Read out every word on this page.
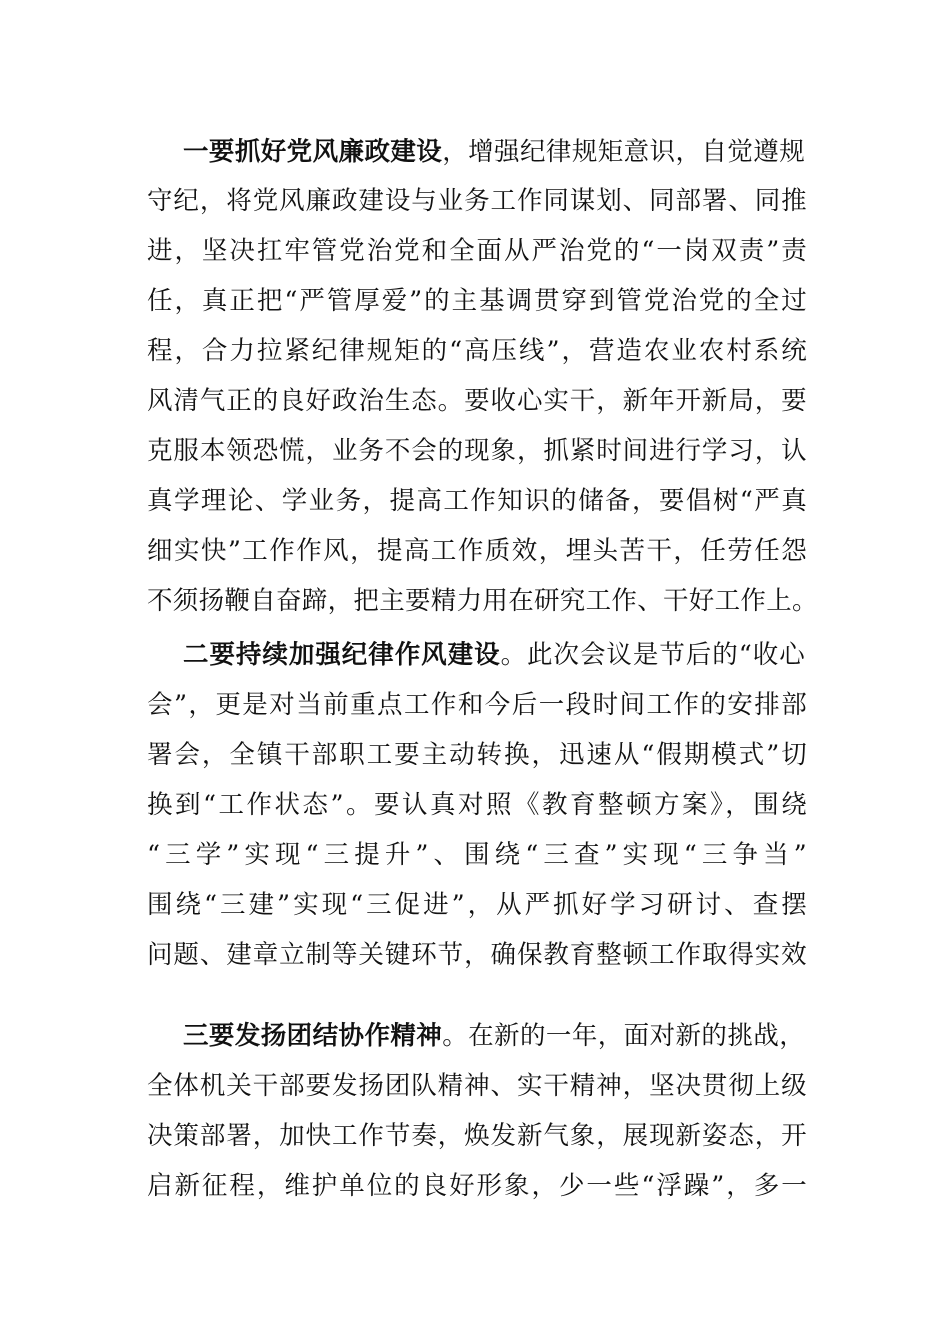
一要抓好党风廉政建设，增强纪律规矩意识，自觉遵规
守纪，将党风廉政建设与业务工作同谋划、同部署、同推
进，坚决扛牢管党治党和全面从严治党的“一岗双责”责
任，真正把“严管厚爱”的主基调贯穿到管党治党的全过
程，合力拉紧纪律规矩的“高压线”，营造农业农村系统
风清气正的良好政治生态。要收心实干，新年开新局，要
克服本领恐慌，业务不会的现象，抓紧时间进行学习，认
真学理论、学业务，提高工作知识的储备，要倡树“严真
细实快”工作作风，提高工作质效，埋头苦干，任劳任怨
不须扬鞭自奋蹄，把主要精力用在研究工作、干好工作上。
二要持续加强纪律作风建设。此次会议是节后的“收心
会”，更是对当前重点工作和今后一段时间工作的安排部
署会，全镇干部职工要主动转换，迅速从“假期模式”切
换到“工作状态”。要认真对照《教育整顿方案》，围绕
“三学”实现“三提升”、围绕“三查”实现“三争当”
围绕“三建”实现“三促进”，从严抓好学习研讨、查摆
问题、建章立制等关键环节，确保教育整顿工作取得实效
三要发扬团结协作精神。在新的一年，面对新的挑战，
全体机关干部要发扬团队精神、实干精神，坚决贯彻上级
决策部署，加快工作节奏，焕发新气象，展现新姿态，开
启新征程，维护单位的良好形象，少一些“浮躁”，多一
